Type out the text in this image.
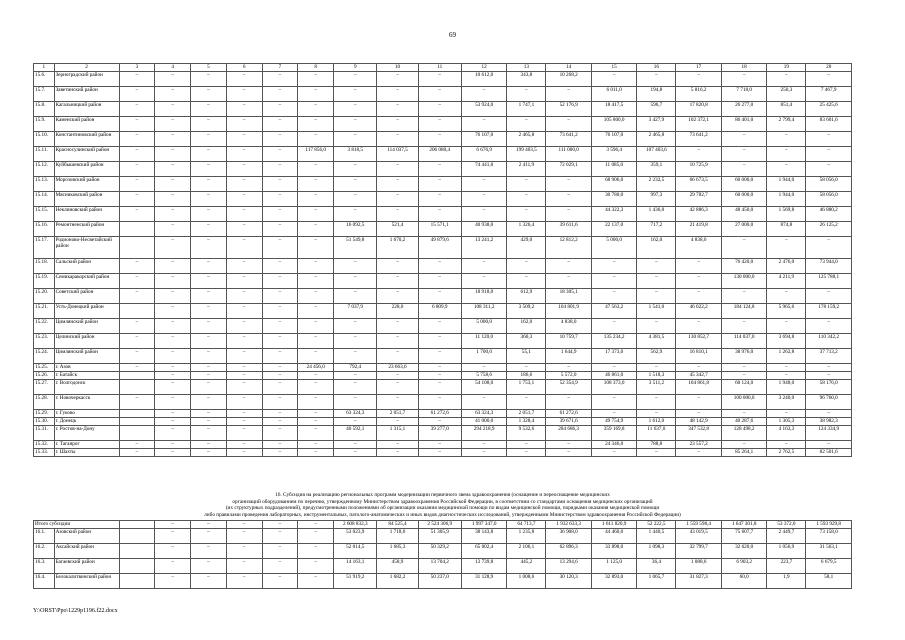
69
1	2	3	4	5	6	7	8	9	10	11	12	13	14	15	16	17	18	19	20
15.6.	Зерноградский район	–	–	–	–	–	–	–	–	–	10 612,0	343,8	10 268,2	–	–	–	–	–	–
15.7.	Заветинский район	–	–	–	–	–	–	–	–	–	–	–	–	6 011,0	194,8	5 816,2	7 718,0	250,3	7 467,9
15.8.	Кагальницкий район	–	–	–	–	–	–	–	–	–	53 924,0	1 747,1	52 176,9	18 417,5	596,7	17 820,8	26 277,0	851,4	25 425,6
15.9.	Каменский район	–	–	–	–	–	–	–	–	–	–	–	–	105 800,0	3 427,9	102 372,1	86 401,0	2 799,4	83 601,6
15.10.	Константиновский район	–	–	–	–	–	–	–	–	–	76 107,0	2 465,8	73 641,2	76 107,0	2 465,8	73 641,2	–	–	–
15.11.	Красносулинский район	–	–	–	–	–	117 856,0	3 818,5	114 037,5	206 080,4	6 676,9	199 403,5	111 000,0	3 596,4	107 403,6	–	–	–	–
15.12.	Куйбышевский район	–	–	–	–	–	–	–	–	–	74 441,0	2 411,9	72 029,1	11 085,0	359,1	10 725,9	–	–	–
15.13.	Морозовский район	–	–	–	–	–	–	–	–	–	–	–	–	68 906,0	2 232,5	66 673,5	60 000,0	1 944,0	58 056,0
15.14.	Мясниковский район	–	–	–	–	–	–	–	–	–	–	–	–	30 780,0	997,3	29 782,7	60 000,0	1 944,0	58 056,0
15.15.	Неклиновский район	–	–	–	–	–	–	–	–	–	–	–	–	44 322,3	1 436,0	42 886,3	48 450,0	1 569,8	46 880,2
15.16.	Ремонтненский район		–	–	–	–	–	16 092,5	521,4	15 571,1	40 938,0	1 326,4	39 611,6	22 137,0	717,2	21 419,8	27 000,0	874,8	26 125,2
15.17.	Родионово-Несветайский район		–	–	–	–	–	51 549,8	1 670,2	49 879,6	13 241,2	429,0	12 812,2	5 000,0	162,0	4 838,0	–	–	–
15.18.	Сальский район	–	–	–	–	–	–	–	–	–	–	–	–	–	–	–	76 420,0	2 476,0	73 944,0
15.19.	Семикаракорский район	–	–	–	–	–	–	–	–	–	–	–	–	–	–	–	130 000,0	4 211,9	125 788,1
15.20.	Советский район	–	–	–	–	–	–	–	–	–	18 918,0	612,9	18 305,1	–	–	–	–	–	–
15.21.	Усть-Донецкий район		–	–	–	–	–	7 037,9	228,0	6 809,9	108 311,2	3 509,2	104 801,9	47 563,2	1 541,0	46 022,2	184 124,8	5 965,6	178 159,2
15.22.	Цимлянский район	–	–	–	–	–	–	–	–	–	5 000,0	162,0	4 838,0	–	–	–	–	–	–
15.23.	Целинский район	–	–	–	–	–	–	–	–	–	11 120,0	360,3	10 759,7	135 234,2	4 381,5	130 852,7	114 037,0	3 694,8	110 342,2
15.24.	Цимлянский район	–	–	–	–	–	–	–	–	–	1 700,0	55,1	1 644,9	17 373,0	562,9	16 810,1	38 976,0	1 262,8	37 713,2
15.25.	г. Азов	–	–	–	–	–	24 456,0	792,4	23 663,6	–	–	–	–	–	–	–	–	–	–
15.26.	г. Батайск		–	–	–	–	–	–	–	–	5 758,6	186,6	5 572,0	46 861,0	1 518,3	45 342,7	–	–	–
15.27.	г. Волгодонск		–	–	–	–	–	–	–	–	54 108,0	1 753,1	52 354,9	108 373,0	3 511,2	104 861,8	60 124,0	1 948,0	58 176,0
15.28.	г. Новочеркасск	–	–	–	–	–	–	–	–	–	–	–	–	–	–	–	100 000,0	3 240,0	96 760,0
15.29.	г. Гуково		–	–	–	–	–	63 324,3	2 051,7	61 272,6	63 324,3	2 051,7	61 272,6	–	–	–	–	–	–
15.30.	г. Донецк		–	–	–	–	–	–	–	–	41 000,0	1 328,4	39 671,6	49 754,9	1 612,0	48 142,9	40 287,6	1 305,3	38 982,3
15.31.	г. Ростов-на-Дону		–	–	–	–	–	40 592,1	1 315,1	39 277,0	294 218,9	9 532,6	284 686,3	359 169,8	11 637,0	347 532,8	128 498,2	4 163,3	124 334,9
15.32.	г. Таганрог	–	–	–	–	–	–	–	–	–	–	–	–	24 346,0	788,8	23 557,2	–	–	–
15.33.	г. Шахты	–	–	–	–	–	–	–	–	–	–	–	–	–	–	–	85 264,1	2 762,5	82 501,6
16. Субсидия на реализацию региональных программ модернизации первичного звена здравоохранения (оснащение и переоснащение медицинских
организаций оборудованием по перечню, утвержденному Министерством здравоохранения Российской Федерации, в соответствии со стандартами оснащения медицинских организаций
(их структурных подразделений), предусмотренными положениями об организации оказания медицинской помощи по видам медицинской помощи, порядками оказания медицинской помощи
либо правилами проведения лабораторных, инструментальных, патолого-анатомических и иных видов диагностических исследований, утвержденными Министерством здравоохранения Российской Федерации)
Итого субсидии			–	–	–	–	–	2 608 832,3	84 525,4	2 524 306,9	1 997 347,0	64 713,7	1 932 633,3	1 611 820,9	52 222,5	1 559 598,4	1 647 301,8	53 372,0	1 593 929,8
16.1.	Азовский район		–	–	–	–	–	53 023,9	1 718,0	51 305,9	38 143,8	1 235,8	36 908,0	44 460,0	1 440,5	43 019,5	75 607,7	2 449,7	73 158,0
16.2.	Аксайский район		–	–	–	–	–	52 014,5	1 685,3	50 329,2	65 002,4	2 106,1	62 896,3	33 898,0	1 098,3	32 799,7	32 620,0	1 056,9	31 563,1
16.3.	Багаевский район		–	–	–	–	–	14 163,1	458,9	13 704,2	13 739,8	445,2	13 294,6	1 125,0	36,4	1 088,6	6 903,2	223,7	6 679,5
16.4.	Белокалитвинский район		–	–	–	–	–	51 919,2	1 682,2	50 237,0	31 128,9	1 008,6	30 120,3	32 893,0	1 065,7	31 827,3	60,0	1,9	58,1
Y:\ORST\Ppo\1229p1196.f22.docx
